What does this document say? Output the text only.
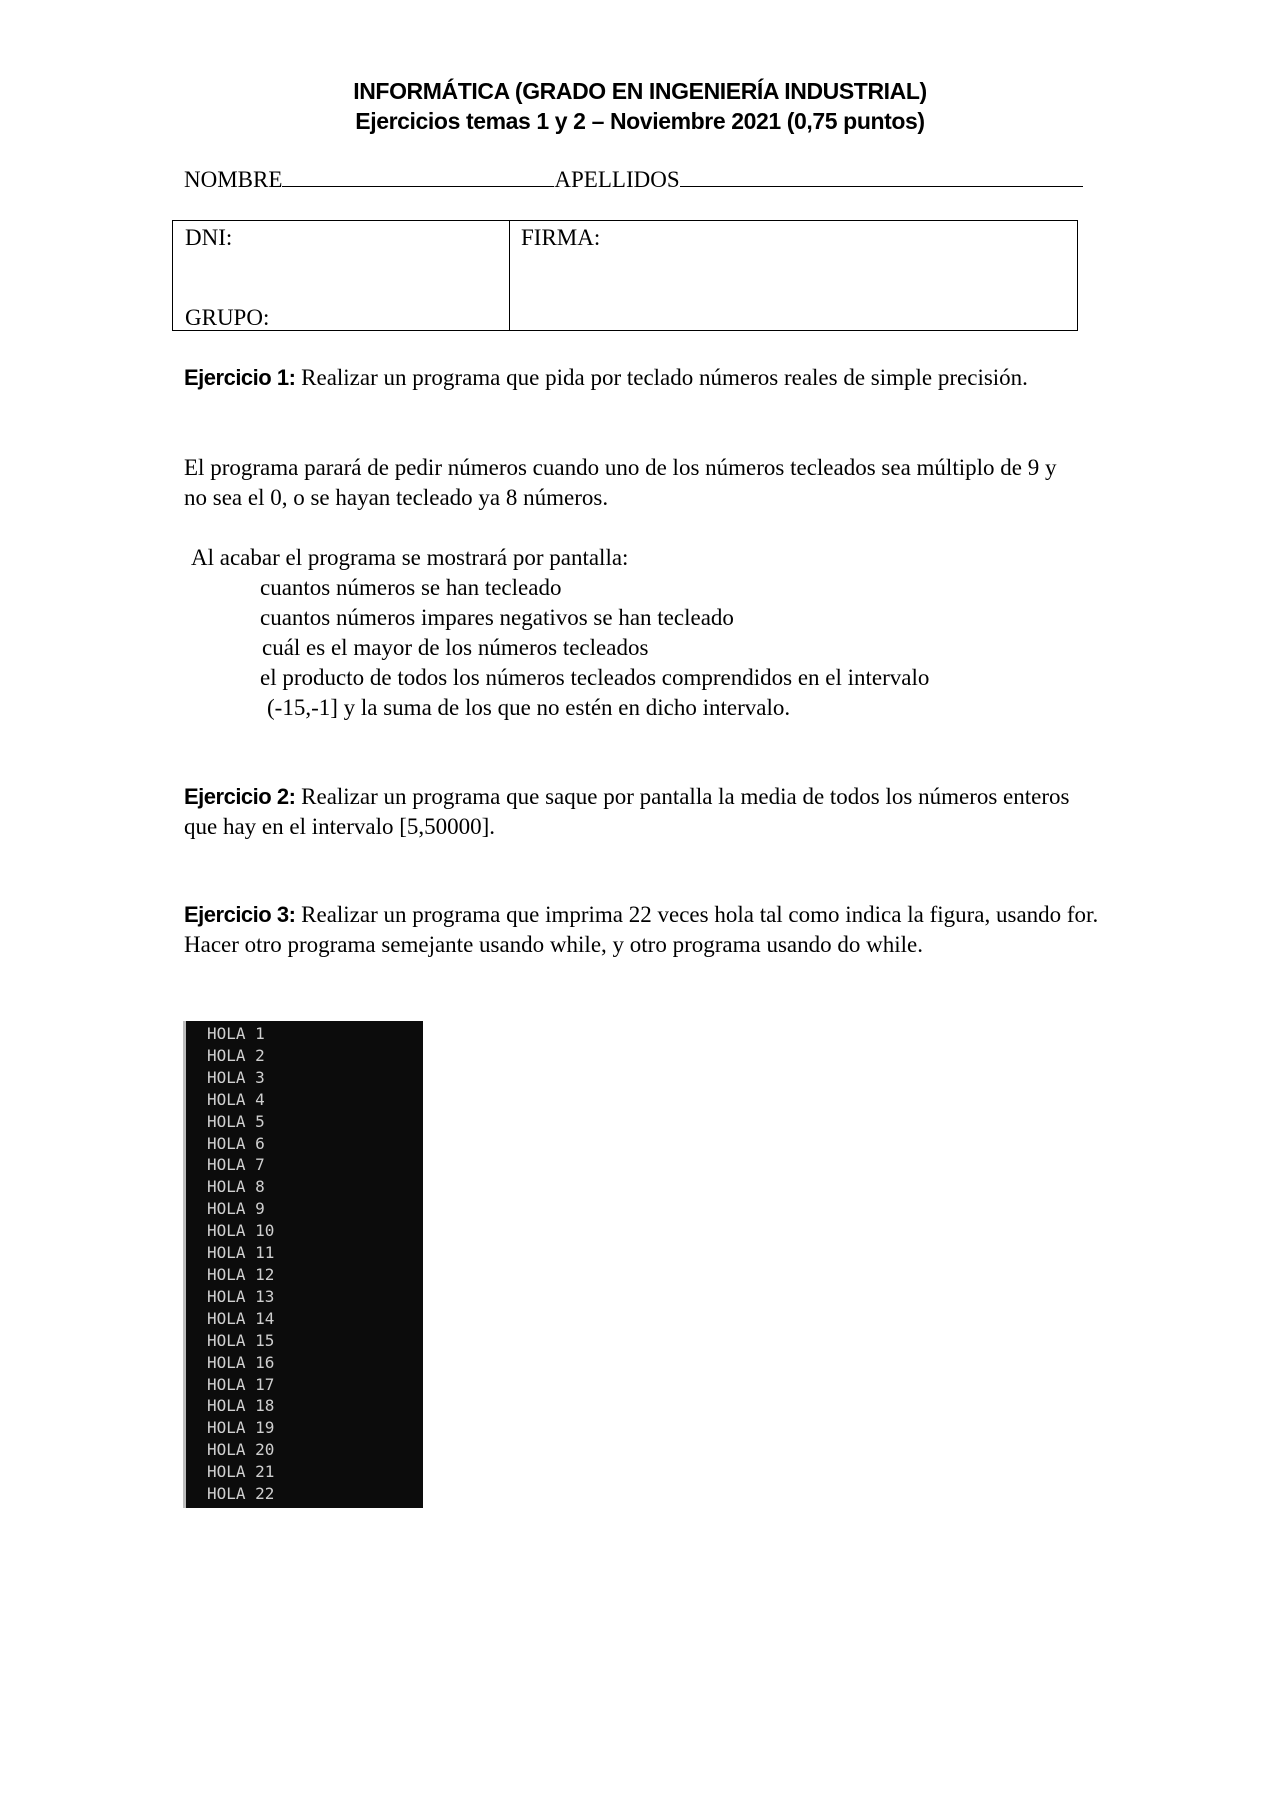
INFORMÁTICA (GRADO EN INGENIERÍA INDUSTRIAL)
Ejercicios temas 1 y 2 – Noviembre 2021 (0,75 puntos)
NOMBRE	APELLIDOS
DNI:
GRUPO:
FIRMA:
Ejercicio 1: Realizar un programa que pida por teclado números reales de simple precisión.
El programa parará de pedir números cuando uno de los números tecleados sea múltiplo de 9 y no sea el 0, o se hayan tecleado ya 8 números.
Al acabar el programa se mostrará por pantalla:
cuantos números se han tecleado
cuantos números impares negativos se han tecleado
cuál es el mayor de los números tecleados
el producto de todos los números tecleados comprendidos en el intervalo
(-15,-1] y la suma de los que no estén en dicho intervalo.
Ejercicio 2: Realizar un programa que saque por pantalla la media de todos los números enteros que hay en el intervalo [5,50000].
Ejercicio 3: Realizar un programa que imprima 22 veces hola tal como indica la figura, usando for. Hacer otro programa semejante usando while, y otro programa usando do while.
HOLA 1
HOLA 2
HOLA 3
HOLA 4
HOLA 5
HOLA 6
HOLA 7
HOLA 8
HOLA 9
HOLA 10
HOLA 11
HOLA 12
HOLA 13
HOLA 14
HOLA 15
HOLA 16
HOLA 17
HOLA 18
HOLA 19
HOLA 20
HOLA 21
HOLA 22
